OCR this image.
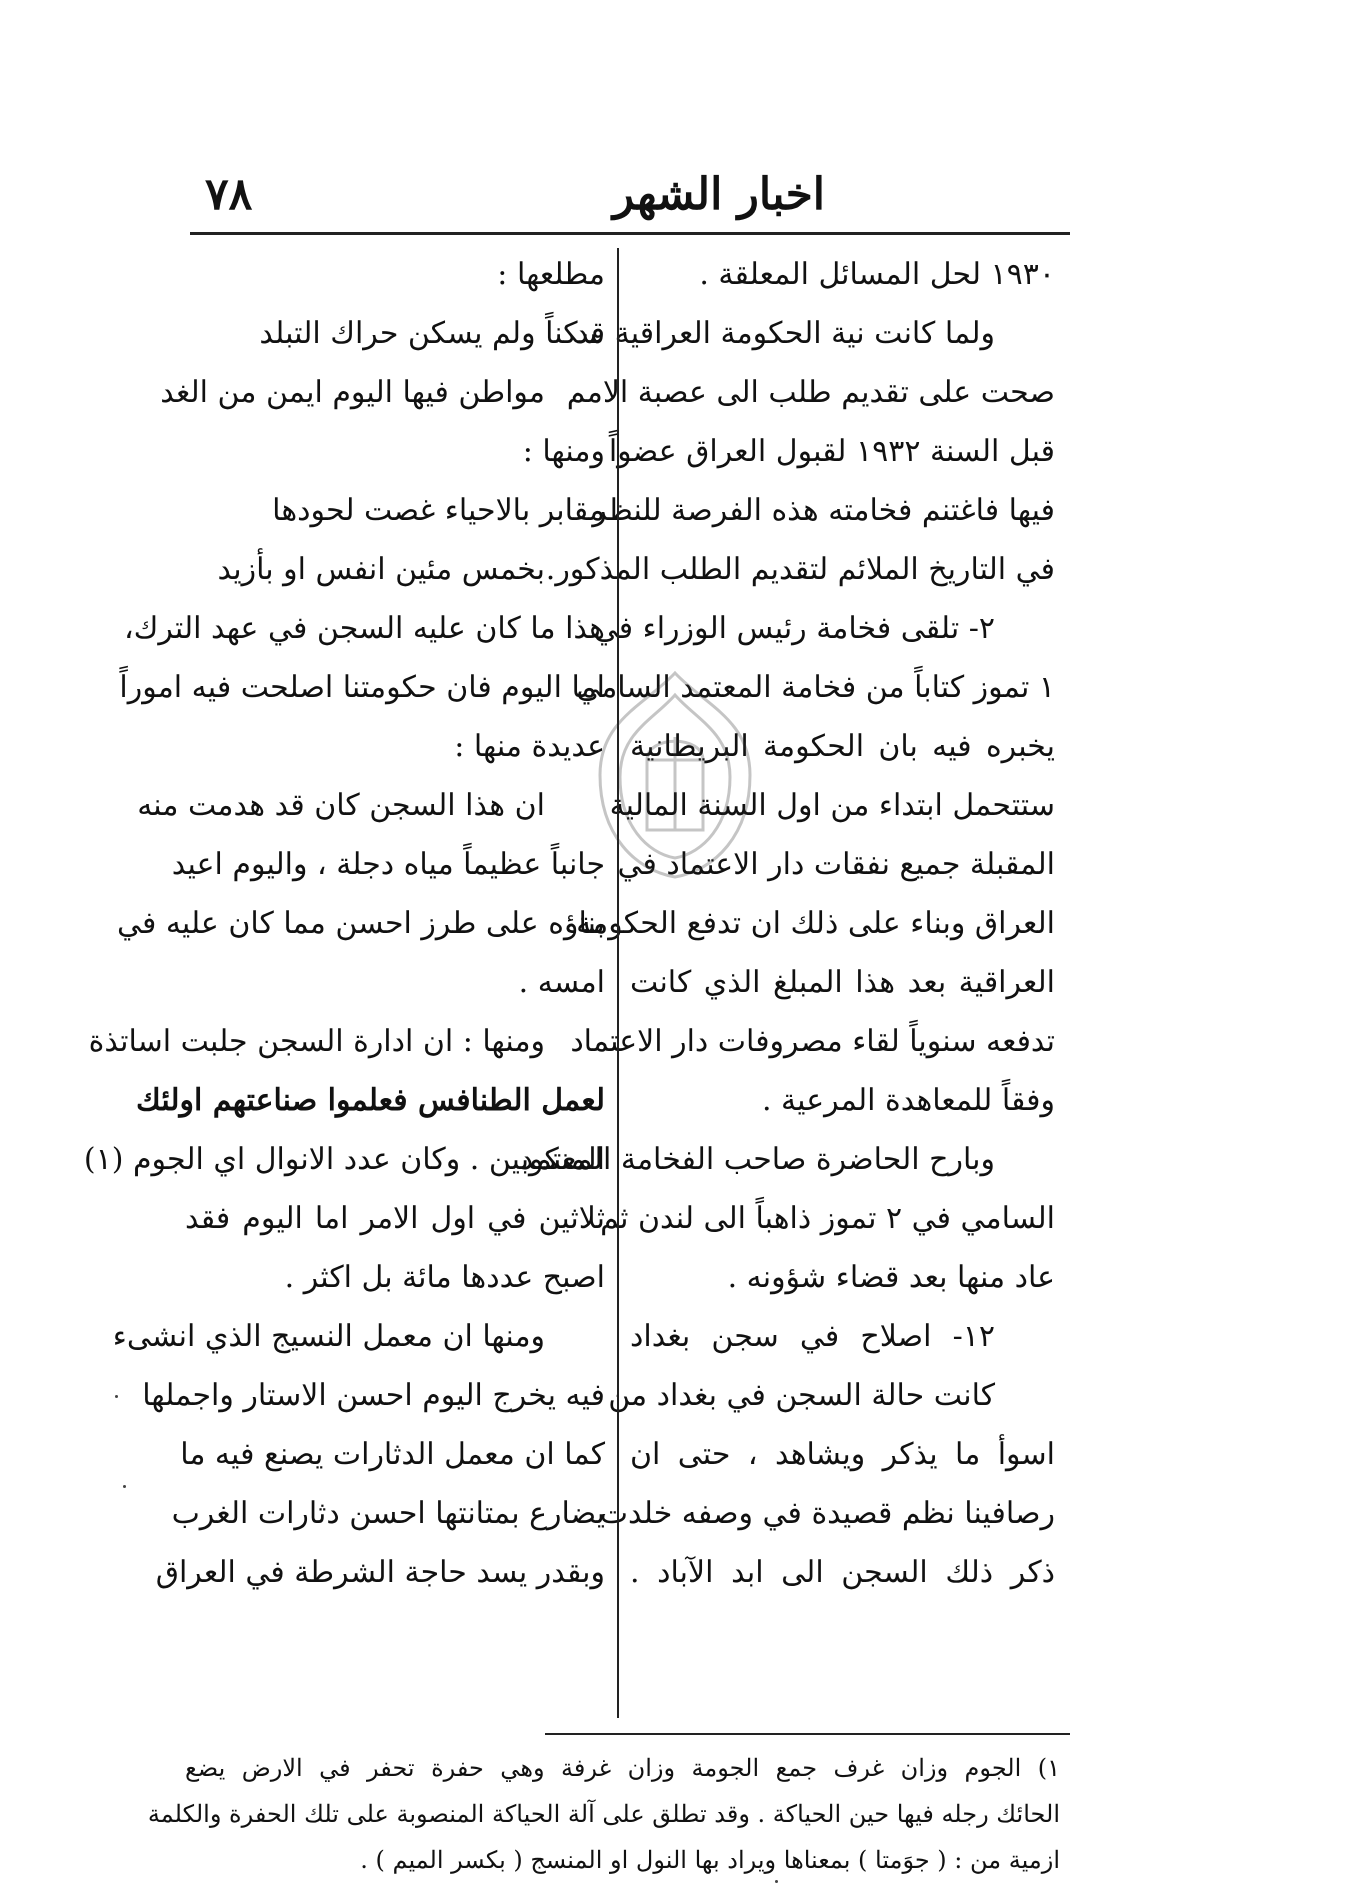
٧٨	اخبار الشهر
١٩٣٠ لحل المسائل المعلقة .
ولما كانت نية الحكومة العراقية قد
صحت على تقديم طلب الى عصبة الامم
قبل السنة ١٩٣٢ لقبول العراق عضواً
فيها فاغتنم فخامته هذه الفرصة للنظر
في التاريخ الملائم لتقديم الطلب المذكور.
٢- تلقى فخامة رئيس الوزراء في
١ تموز كتاباً من فخامة المعتمد السامي
يخبره فيه بان الحكومة البريطانية
ستتحمل ابتداء من اول السنة المالية
المقبلة جميع نفقات دار الاعتماد في
العراق وبناء على ذلك ان تدفع الحكومة
العراقية بعد هذا المبلغ الذي كانت
تدفعه سنوياً لقاء مصروفات دار الاعتماد
وفقاً للمعاهدة المرعية .
وبارح الحاضرة صاحب الفخامة المعتمد
السامي في ٢ تموز ذاهباً الى لندن ثم
عاد منها بعد قضاء شؤونه .
١٢- اصلاح في سجن بغداد
كانت حالة السجن في بغداد من
اسوأ ما يذكر ويشاهد ، حتى ان
رصافينا نظم قصيدة في وصفه خلدت
ذكر ذلك السجن الى ابد الآباد .
مطلعها :
سكناً ولم يسكن حراك التبلد
مواطن فيها اليوم ايمن من الغد
ومنها :
مقابر بالاحياء غصت لحودها
بخمس مئين انفس او بأزيد
هذا ما كان عليه السجن في عهد الترك،
اما اليوم فان حكومتنا اصلحت فيه اموراً
عديدة منها :
ان هذا السجن كان قد هدمت منه
جانباً عظيماً مياه دجلة ، واليوم اعيد
بناؤه على طرز احسن مما كان عليه في
امسه .
ومنها : ان ادارة السجن جلبت اساتذة
لعمل الطنافس فعلموا صناعتهم اولئك
المنكوبين . وكان عدد الانوال اي الجوم (١)
ثلاثين في اول الامر اما اليوم فقد
اصبح عددها مائة بل اكثر .
ومنها ان معمل النسيج الذي انشىء
فيه يخرج اليوم احسن الاستار واجملها
كما ان معمل الدثارات يصنع فيه ما
يضارع بمتانتها احسن دثارات الغرب
وبقدر يسد حاجة الشرطة في العراق
١) الجوم وزان غرف جمع الجومة وزان غرفة وهي حفرة تحفر في الارض يضع
الحائك رجله فيها حين الحياكة . وقد تطلق على آلة الحياكة المنصوبة على تلك الحفرة والكلمة
ازمية من : ( جوَمتا ) بمعناها ويراد بها النول او المنسج ( بكسر الميم ) .
